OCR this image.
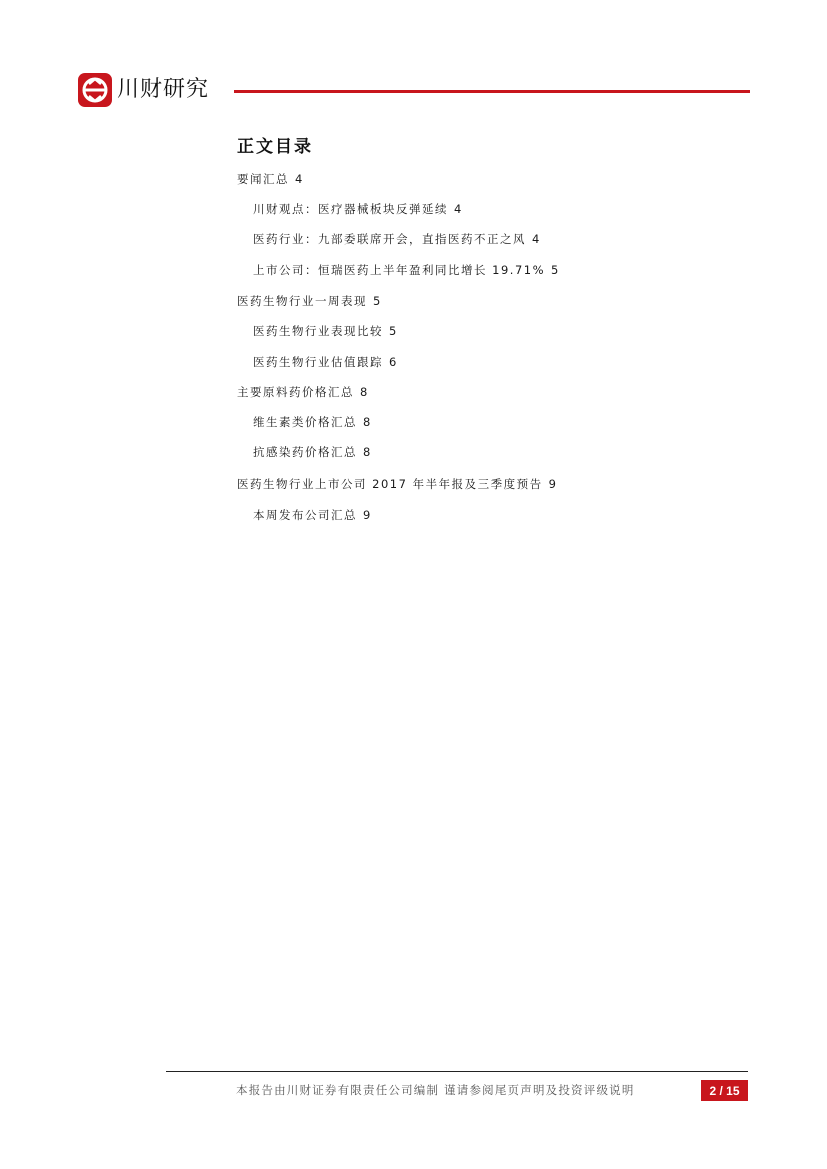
川财研究
正文目录
要闻汇总 4
川财观点：医疗器械板块反弹延续 4
医药行业：九部委联席开会，直指医药不正之风 4
上市公司：恒瑞医药上半年盈利同比增长 19.71% 5
医药生物行业一周表现 5
医药生物行业表现比较 5
医药生物行业估值跟踪 6
主要原料药价格汇总 8
维生素类价格汇总 8
抗感染药价格汇总 8
医药生物行业上市公司 2017 年半年报及三季度预告 9
本周发布公司汇总 9
本报告由川财证券有限责任公司编制 谨请参阅尾页声明及投资评级说明	2 / 15
